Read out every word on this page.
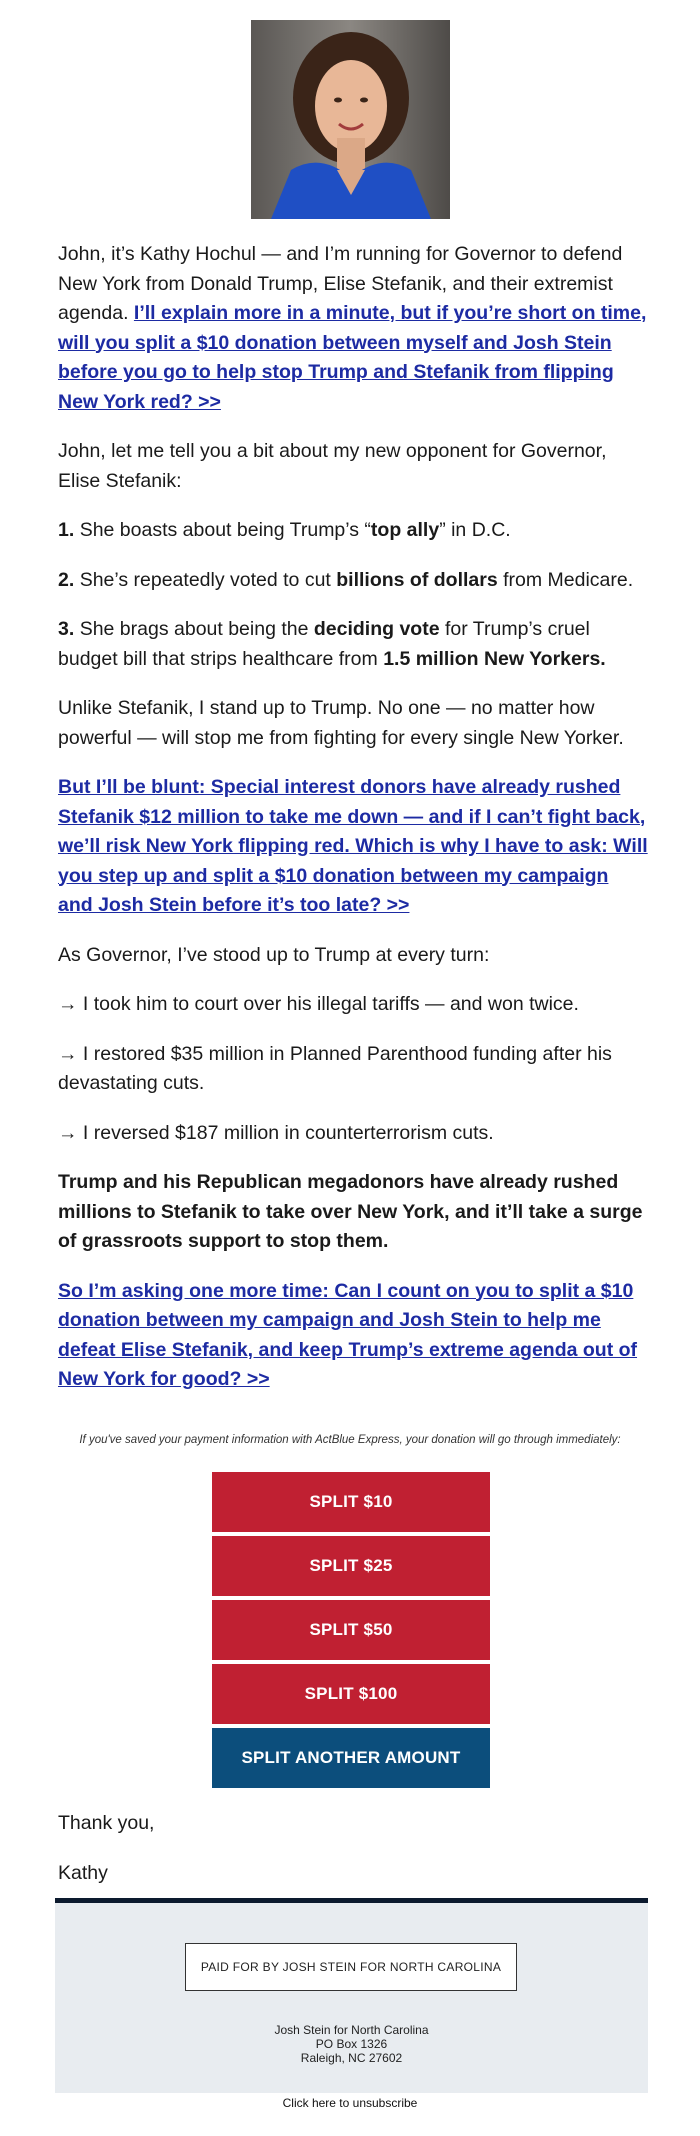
John, it’s Kathy Hochul — and I’m running for Governor to defend New York from Donald Trump, Elise Stefanik, and their extremist agenda. I’ll explain more in a minute, but if you’re short on time, will you split a $10 donation between myself and Josh Stein before you go to help stop Trump and Stefanik from flipping New York red? >>

John, let me tell you a bit about my new opponent for Governor, Elise Stefanik:

1. She boasts about being Trump’s “top ally” in D.C.

2. She’s repeatedly voted to cut billions of dollars from Medicare.

3. She brags about being the deciding vote for Trump’s cruel budget bill that strips healthcare from 1.5 million New Yorkers.

Unlike Stefanik, I stand up to Trump. No one — no matter how powerful — will stop me from fighting for every single New Yorker.

But I’ll be blunt: Special interest donors have already rushed Stefanik $12 million to take me down — and if I can’t fight back, we’ll risk New York flipping red. Which is why I have to ask: Will you step up and split a $10 donation between my campaign and Josh Stein before it’s too late? >>

As Governor, I’ve stood up to Trump at every turn:

→ I took him to court over his illegal tariffs — and won twice.

→ I restored $35 million in Planned Parenthood funding after his devastating cuts.

→ I reversed $187 million in counterterrorism cuts.

Trump and his Republican megadonors have already rushed millions to Stefanik to take over New York, and it’ll take a surge of grassroots support to stop them.

So I’m asking one more time: Can I count on you to split a $10 donation between my campaign and Josh Stein to help me defeat Elise Stefanik, and keep Trump’s extreme agenda out of New York for good? >>

If you've saved your payment information with ActBlue Express, your donation will go through immediately:
SPLIT $10
SPLIT $25
SPLIT $50
SPLIT $100
SPLIT ANOTHER AMOUNT
Thank you,
Kathy
PAID FOR BY JOSH STEIN FOR NORTH CAROLINA
Josh Stein for North Carolina
PO Box 1326
Raleigh, NC 27602
Click here to unsubscribe
